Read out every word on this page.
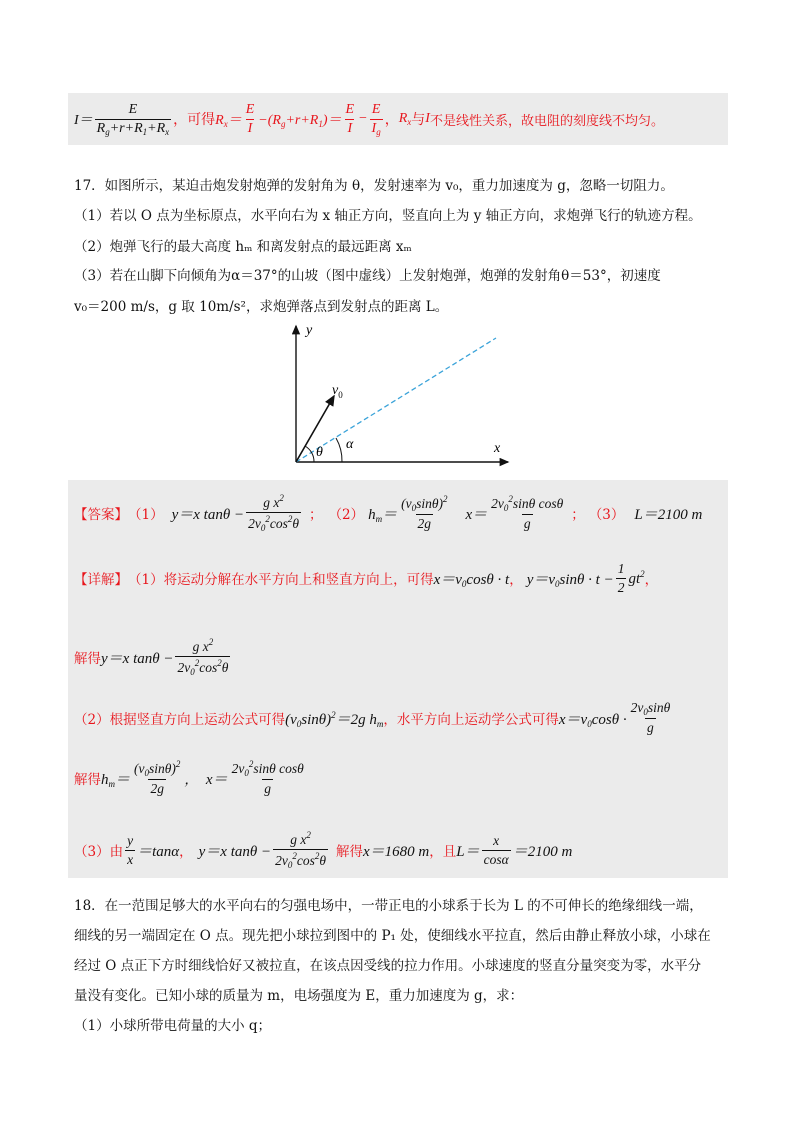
$I= \frac{E}{R_g+r+R_1+R_x}$ ， 可得 $R_x= \frac{E}{I} -(R_g+r+R_1)= \frac{E}{I} - \frac{E}{I_g}$ ， $R_x$ 与 I 不是线性关系，故电阻的刻度线不均匀。
17．如图所示，某迫击炮发射炮弹的发射角为 θ，发射速率为 v₀，重力加速度为 g，忽略一切阻力。
（1）若以 O 点为坐标原点，水平向右为 x 轴正方向，竖直向上为 y 轴正方向，求炮弹飞行的轨迹方程。
（2）炮弹飞行的最大高度 hₘ 和离发射点的最远距离 xₘ
（3）若在山脚下向倾角为α＝37°的山坡（图中虚线）上发射炮弹，炮弹的发射角θ＝53°，初速度
v₀＝200 m/s，g 取 10m/s²，求炮弹落点到发射点的距离 L。
y
x
$v_0$
θ
α
【答案】 （1） y＝x $\tan\theta - \frac{g x^2}{2v_0^2\cos^2\theta}$ ； （2） $h_m= \frac{(v_0\sin\theta)^2}{2g} x= \frac{2v_0^2\sin\theta \cos\theta}{g}$ ； （3） L＝2100 m
【详解】 （1）将运动分解在水平方向上和竖直方向上，可得 $x=v_0\cos\theta \cdot t$ ， $y=v_0\sin\theta \cdot t - \frac{1}{2} gt^2$ ，
解得 y＝x $\tan\theta - \frac{g x^2}{2v_0^2\cos^2\theta}$
（2）根据竖直方向上运动公式可得 $(v_0\sin\theta)^2=2g$ $h_m$ ，水平方向上运动学公式可得 $x=v_0\cos\theta \cdot \frac{2v_0\sin\theta}{g}$
解得 $h_m= \frac{(v_0\sin\theta)^2}{2g}$ ， $x= \frac{2v_0^2\sin\theta \cos\theta}{g}$
（3）由 $\frac{y}{x} =\tan\alpha$ ， y＝x $\tan\theta - \frac{g x^2}{2v_0^2\cos^2\theta}$ 解得 x＝1680 m ，且 $L= \frac{x}{\cos\alpha} =2100$ m
18．在一范围足够大的水平向右的匀强电场中，一带正电的小球系于长为 L 的不可伸长的绝缘细线一端，
细线的另一端固定在 O 点。现先把小球拉到图中的 P₁ 处，使细线水平拉直，然后由静止释放小球，小球在
经过 O 点正下方时细线恰好又被拉直，在该点因受线的拉力作用。小球速度的竖直分量突变为零，水平分
量没有变化。已知小球的质量为 m，电场强度为 E，重力加速度为 g，求：
（1）小球所带电荷量的大小 q；
